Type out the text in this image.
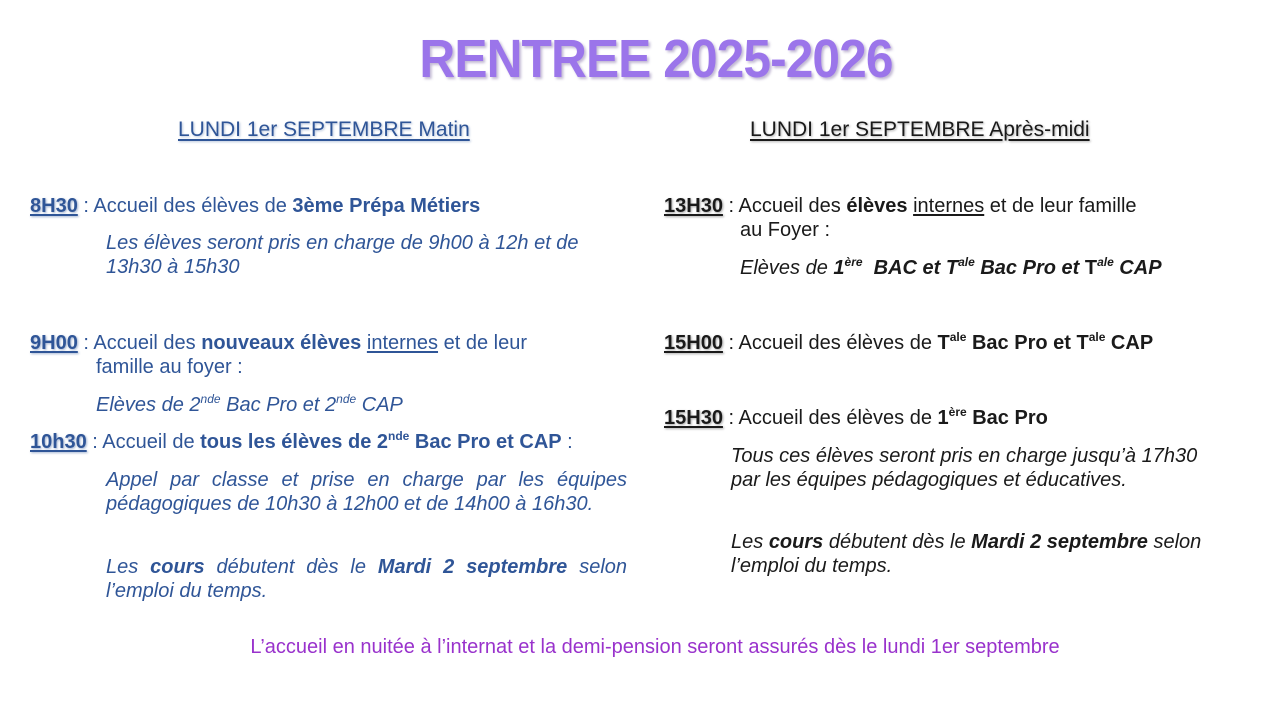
RENTREE 2025-2026
LUNDI 1er SEPTEMBRE Matin
8H30 : Accueil des élèves de 3ème Prépa Métiers
Les élèves seront pris en charge de 9h00 à 12h et de 13h30 à 15h30
9H00 : Accueil des nouveaux élèves internes et de leur
famille au foyer :
Elèves de 2nde Bac Pro et 2nde CAP
10h30 : Accueil de tous les élèves de 2nde Bac Pro et CAP :
Appel par classe et prise en charge par les équipes pédagogiques de 10h30 à 12h00 et de 14h00 à 16h30.
Les cours débutent dès le Mardi 2 septembre selon l’emploi du temps.
LUNDI 1er SEPTEMBRE Après-midi
13H30 : Accueil des élèves internes et de leur famille
au Foyer :
Elèves de 1ère  BAC et $T^{ale}$ Bac Pro et $T^{ale}$ CAP
15H00 : Accueil des élèves de $T^{ale}$ Bac Pro et $T^{ale}$ CAP
15H30 : Accueil des élèves de 1ère Bac Pro
Tous ces élèves seront pris en charge jusqu’à 17h30 par les équipes pédagogiques et éducatives.
Les cours débutent dès le Mardi 2 septembre selon l’emploi du temps.
L’accueil en nuitée à l’internat et la demi-pension seront assurés dès le lundi 1er septembre
